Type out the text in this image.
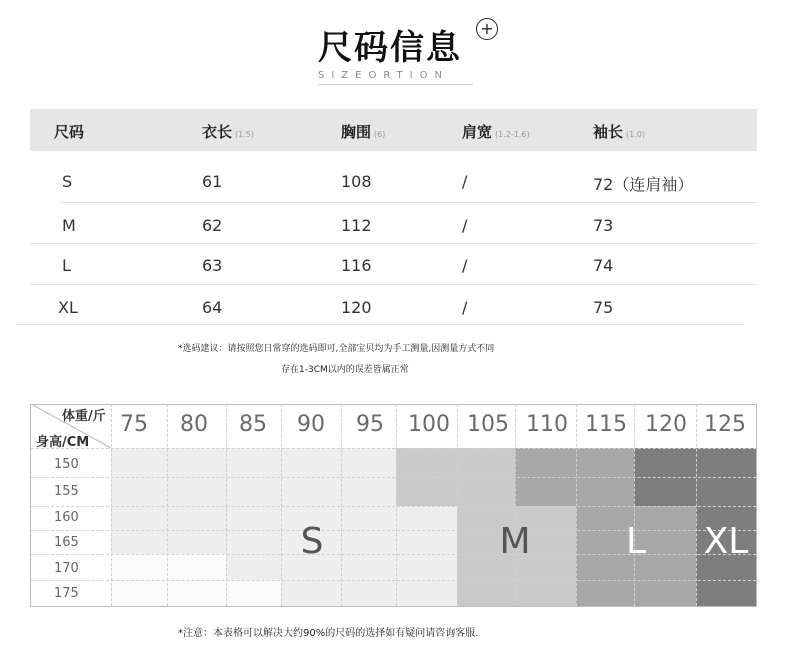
尺码信息 +
SIZEORTION
尺码	衣长 (1.5)	胸围 (6)	肩宽 (1.2-1.6)	袖长 (1.0)
S	61	108	/	72（连肩袖）
M	62	112	/	73
L	63	116	/	74
XL	64	120	/	75
*选码建议：请按照您日常穿的选码即可,全部宝贝均为手工测量,因测量方式不同
存在1-3CM以内的误差皆属正常
体重/斤
身高/CM
75	80	85	90	95	100 105 110 115 120 125
150
155
160
165
170
175
S	M	L	XL
*注意：本表格可以解决大约90%的尺码的选择如有疑问请咨询客服.
